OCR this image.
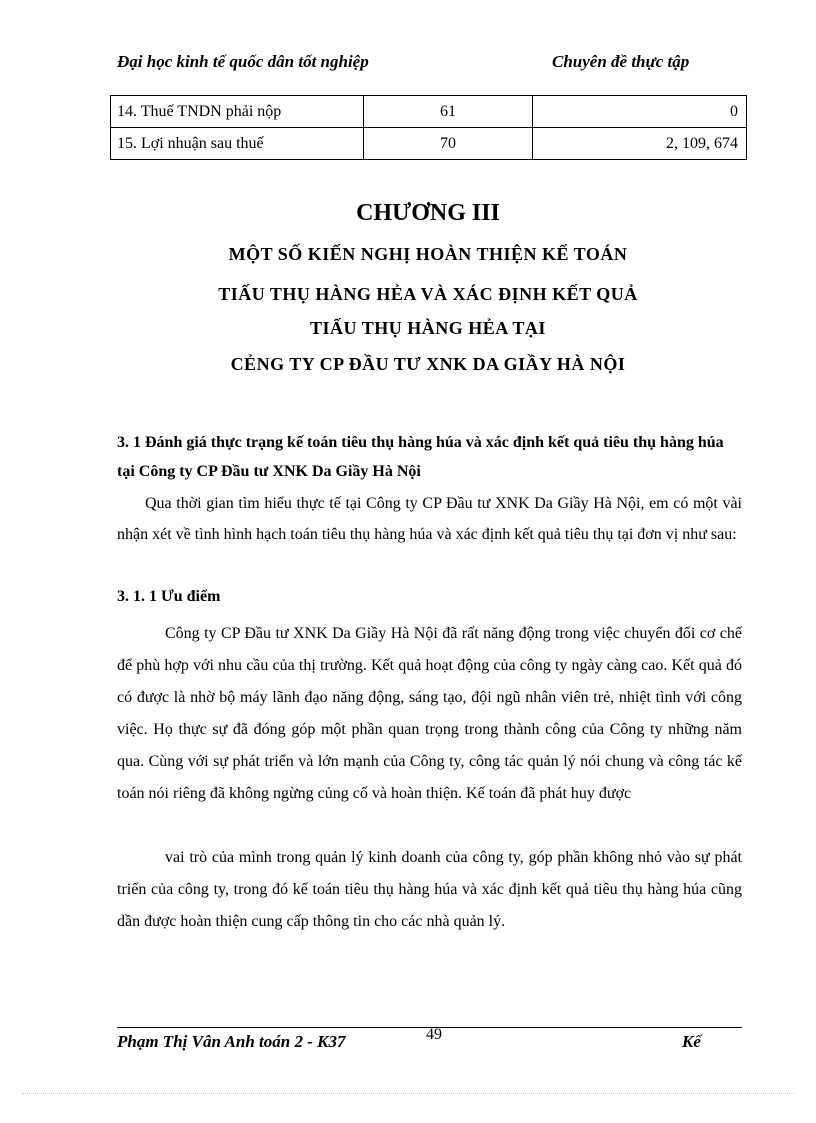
Đại học kinh tế quốc dân tốt nghiệp	Chuyên đề thực tập
14. Thuế TNDN phải nộp	61	0
15. Lợi nhuận sau thuế	70	2, 109, 674
CHƯƠNG III
MỘT SỐ KIẾN NGHỊ HOÀN THIỆN KẾ TOÁN
TIẤU THỤ HÀNG HẺA VÀ XÁC ĐỊNH KẾT QUẢ
TIẤU THỤ HÀNG HẺA TẠI
CẺNG TY CP ĐẦU TƯ XNK DA GIẦY HÀ NỘI
3. 1 Đánh giá thực trạng kế toán tiêu thụ hàng húa và xác định kết quả tiêu thụ hàng húa tại Công ty CP Đầu tư XNK Da Giầy Hà Nội
Qua thời gian tìm hiểu thực tế tại Công ty CP Đầu tư XNK Da Giầy Hà Nội, em có một vài nhận xét về tình hình hạch toán tiêu thụ hàng húa và xác định kết quả tiêu thụ tại đơn vị như sau:
3. 1. 1 Ưu điểm
Công ty CP Đầu tư XNK Da Giầy Hà Nội đã rất năng động trong việc chuyển đổi cơ chế để phù hợp với nhu cầu của thị trường. Kết quả hoạt động của công ty ngày càng cao. Kết quả đó có được là nhờ bộ máy lãnh đạo năng động, sáng tạo, đội ngũ nhân viên trẻ, nhiệt tình với công việc. Họ thực sự đã đóng góp một phần quan trọng trong thành công của Công ty những năm qua. Cùng với sự phát triển và lớn mạnh của Công ty, công tác quản lý nói chung và công tác kế toán nói riêng đã không ngừng củng cố và hoàn thiện. Kế toán đã phát huy được
vai trò của mình trong quản lý kinh doanh của công ty, góp phần không nhỏ vào sự phát triển của công ty, trong đó kế toán tiêu thụ hàng húa và xác định kết quả tiêu thụ hàng húa cũng dần được hoàn thiện cung cấp thông tin cho các nhà quản lý.
Phạm Thị Vân Anh toán 2 - K37	49	Kế
